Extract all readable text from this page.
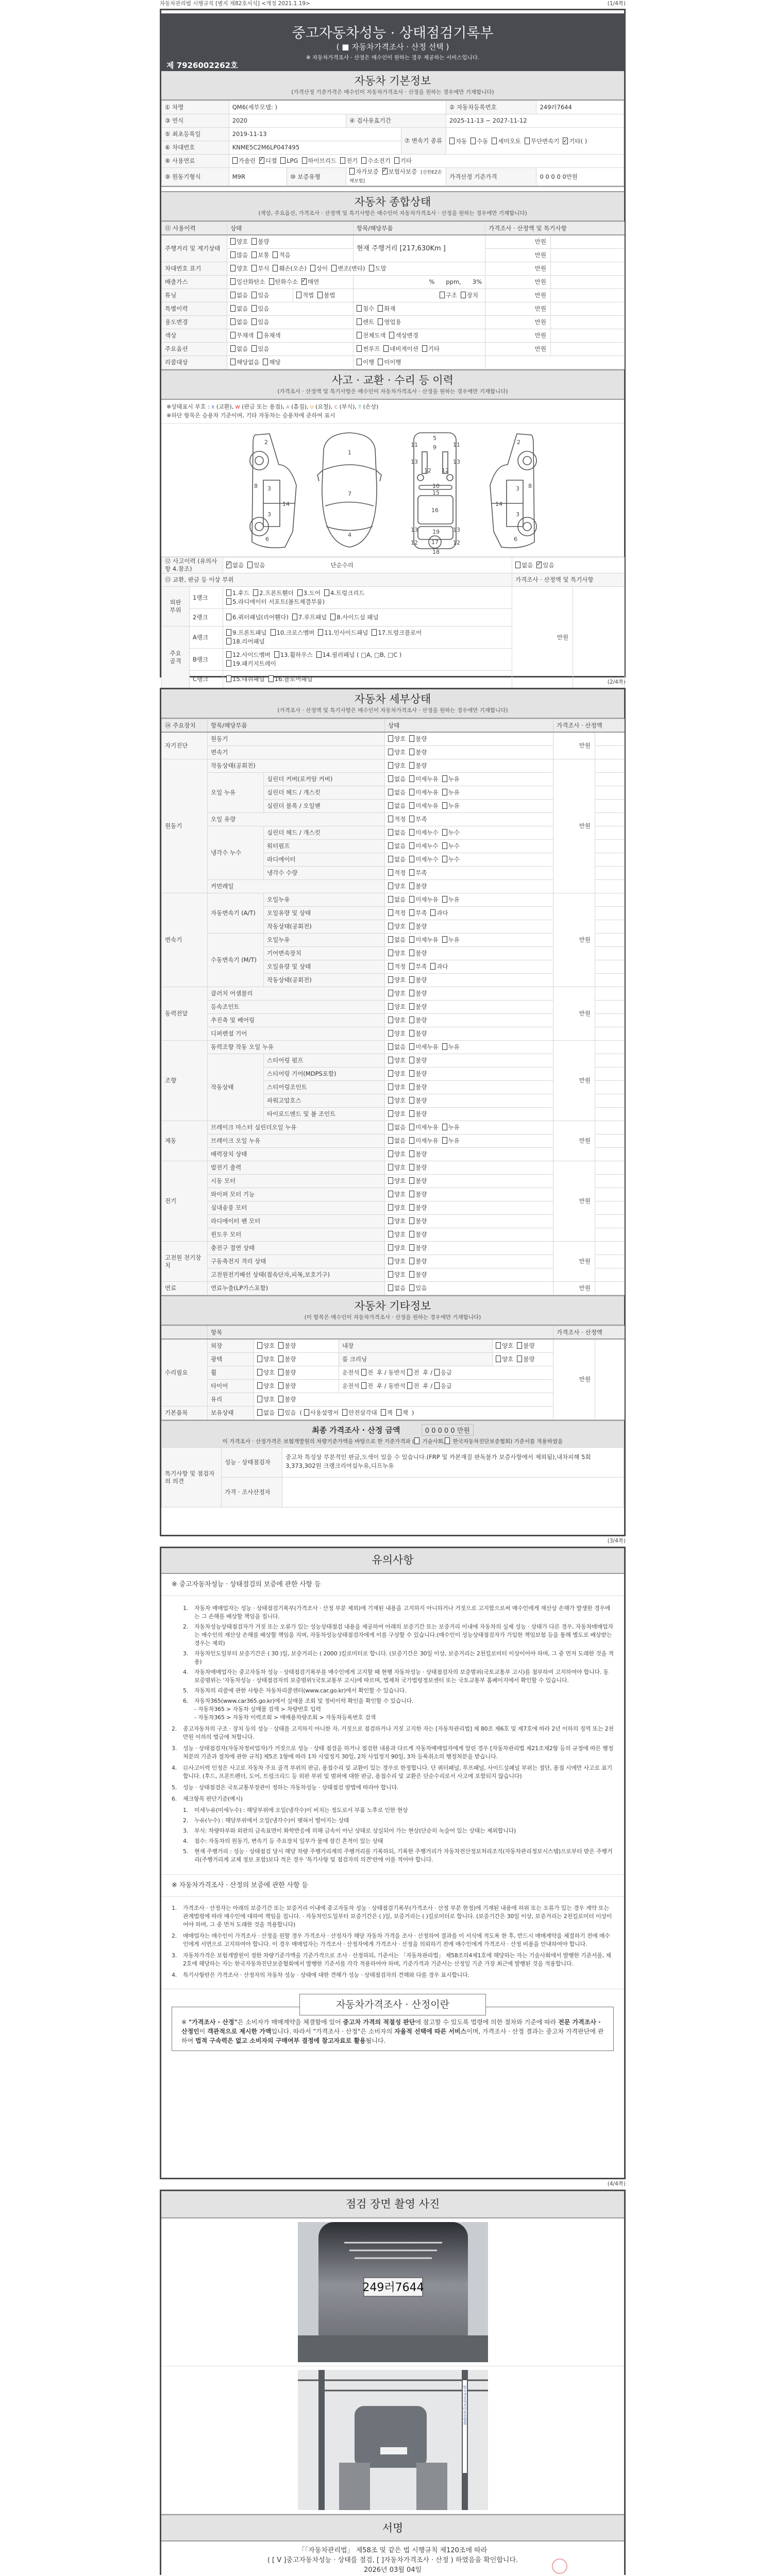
자동차관리법 시행규칙 [별지 제82호서식] <개정 2021.1.19>	(1/4쪽)
중고자동차성능 · 상태점검기록부
( ■ 자동차가격조사 · 산정 선택 )
※ 자동차가격조사 · 산정은 매수인이 원하는 경우 제공하는 서비스입니다.
제 7926002262호
자동차 기본정보
(가격산정 기준가격은 매수인이 자동차가격조사 · 산정을 원하는 경우에만 기재합니다)
① 차명	QM6(세부모델: )				② 자동차등록번호	249러7644
③ 연식	2020		④ 검사유효기간		2025-11-13 ~ 2027-11-12	
⑤ 최초등록일	2019-11-13			⑦ 변속기 종류	자동 수동 세미오토 무단변속기 ✓ 기타( )
⑥ 차대번호	KNME5C2M6LP047495					
⑧ 사용연료	가솔린 ✓ 디젤 LPG 하이브리드 전기 수소전기 기타
⑨ 원동기형식	M9R	⑩ 보증유형	자가보증 ✓ 보험사보증 [신한EZ손해보험]		가격산정 기준가격	0 0 0 0 0만원
자동차 종합상태
(색상, 주요옵션, 가격조사 · 산정액 및 특기사항은 매수인이 자동차가격조사 · 산정을 원하는 경우에만 기재합니다)
⑪ 사용이력	상태		항목/해당부품	가격조사 · 산정액 및 특기사항	
주행거리 및 계기상태	양호 불량		현재 주행거리 [217,630Km ]	만원	
	많음 보통 적음			만원	
차대번호 표기	양호 부식 훼손(오손) 상이 변조(변타) 도말			만원	
배출가스	일산화탄소 탄화수소 ✓ 매연		%      ppm,      3%	만원	
튜닝	없음 있음	적법 불법	구조 장치	만원	
특별이력	없음 있음		침수 화재	만원	
용도변경	없음 있음		렌트 영업용	만원	
색상	무채색 유채색		전체도색 색상변경	만원	
주요옵션	없음 있음		썬루프 네비게이션 기타	만원	
리콜대상	해당없음 해당		이행 미이행		
사고 · 교환 · 수리 등 이력
(가격조사 · 산정액 및 특기사항은 매수인이 자동차가격조사 · 산정을 원하는 경우에만 기재합니다)
※상태표시 부호 : X (교환), W (판금 또는 용접), A (흠집), U (요철), C (부식), T (손상)
※하단 항목은 승용차 기준이며, 기타 자동차는 승용차에 준하여 표시
2
3
3
8
14
6
1
7
4
5
9
11	11
13	13
12 12
10
15
16
17
19
18
13	13
12	12
2
3
3
8
14
6
⑫ 사고이력 (유의사항 4.참조)	✓없음 있음 단순수리	없음 ✓ 있음
⑬ 교환, 판금 등 이상 부위			가격조사 · 산정액 및 특기사항	
외판 부위	1랭크	1.후드 2.프론트휀더 3.도어 4.트렁크리드
5.라디에이터 서포트(볼트체결부품)	만원	
	2랭크	6.쿼터패널(리어휀다) 7.루프패널 8.사이드실 패널		

주요 골격	A랭크	9.프론트패널 10.크로스멤버 11.인사이드패널 17.트렁크플로어
18.리어패널		

	B랭크	12.사이드멤버 13.휠하우스 14.필러패널 ( □A, □B, □C )
19.패키지트레이		

	C랭크	15.대쉬패널 16.플로어패널			(2/4쪽)
자동차 세부상태
(가격조사 · 산정액 및 특기사항은 매수인이 자동차가격조사 · 산정을 원하는 경우에만 기재합니다)
⑭ 주요장치	항목/해당부품		상태	가격조사 · 산정액	
자기진단	원동기		양호 불량	만원	
	변속기		양호 불량		
원동기	작동상태(공회전)		양호 불량	만원	
	오일 누유	실린더 커버(로커암 커버)	없음 미세누유 누유		
		실린더 헤드 / 개스킷	없음 미세누유 누유		
		실린더 블록 / 오일팬	없음 미세누유 누유		
	오일 유량		적정 부족		
	냉각수 누수	실린더 헤드 / 개스킷	없음 미세누수 누수		
		워터펌프	없음 미세누수 누수		
		라디에이터	없음 미세누수 누수		
		냉각수 수량	적정 부족		
	커먼레일		양호 불량		
변속기	자동변속기 (A/T)	오일누유	없음 미세누유 누유	만원	
		오일유량 및 상태	적정 부족 과다		
		작동상태(공회전)	양호 불량		
	수동변속기 (M/T)	오일누유	없음 미세누유 누유		
		기어변속장치	양호 불량		
		오일유량 및 상태	적정 부족 과다		
		작동상태(공회전)	양호 불량		
동력전달	클러치 어셈블리		양호 불량	만원	
	등속조인트		양호 불량		
	추진축 및 베어링		양호 불량		
	디퍼렌셜 기어		양호 불량		
조향	동력조향 작동 오일 누유		없음 미세누유 누유	만원	
	작동상태	스티어링 펌프	양호 불량		
		스티어링 기어(MDPS포함)	양호 불량		
		스티어링조인트	양호 불량		
		파워고압호스	양호 불량		
		타이로드엔드 및 볼 조인트	양호 불량		
제동	브레이크 마스터 실린더오일 누유		없음 미세누유 누유	만원	
	브레이크 오일 누유		없음 미세누유 누유		
	배력장치 상태		양호 불량		
전기	발전기 출력		양호 불량	만원	
	시동 모터		양호 불량		
	와이퍼 모터 기능		양호 불량		
	실내송풍 모터		양호 불량		
	라디에이터 팬 모터		양호 불량		
	윈도우 모터		양호 불량		
고전원 전기장치	충전구 절연 상태		양호 불량	만원	
	구동축전지 격리 상태		양호 불량		
	고전원전기배선 상태(접속단자,피복,보호기구)		양호 불량		
연료	연료누출(LP가스포함)		없음 있음	만원	
자동차 기타정보
(이 항목은 매수인이 자동차가격조사 · 산정을 원하는 경우에만 기재합니다)
	항목				가격조사 · 산정액	
수리필요	외장	양호 불량	내장	양호 불량	만원	
	광택	양호 불량	룸 크리닝	양호 불량		
	휠	양호 불량	운전석 전 후 / 동반석 전 후 / 응급			
	타이어	양호 불량	운전석 전 후 / 동반석 전 후 / 응급			
	유리	양호 불량				
기본품목	보유상태	없음 있음 ( 사용설명서 안전삼각대 잭 잭 )				
최종 가격조사 · 산정 금액	0 0 0 0 0 만원
이 가격조사 · 산정가격은 보험개발원의 차량기준가액을 바탕으로 한 기준가격과 ( 기술사회, 한국자동차진단보증협회) 기준서를 적용하였음
특기사항 및 점검자의 의견	성능 · 상태점검자	중고차 특성상 부분적인 판금,도색이 있을 수 있습니다.(FRP 및 카본재질 판독불가 보증사항에서 제외됨),내차피해 5회 3,373,302원 크랭크리어실누유,디프누유
	가격 · 조사산정자	
(3/4쪽)
유의사항
※ 중고자동차성능 · 상태점검의 보증에 관한 사항 등
1.	자동차 매매업자는 성능 · 상태점검기록부(가격조사 · 산정 부분 제외)에 기재된 내용을 고지하지 아니하거나 거짓으로 고지함으로써 매수인에게 재산상 손해가 발생한 경우에는 그 손해를 배상할 책임을 집니다.
2.	자동차성능상태점검자가 거짓 또는 오류가 있는 성능상태점검 내용을 제공하여 아래의 보증기간 또는 보증거리 이내에 자동차의 실제 성능 · 상태가 다른 경우, 자동차매매업자는 매수인의 재산상 손해를 배상할 책임을 지며, 자동차성능상태점검자에게 이를 구상할 수 있습니다.(매수인이 성능상태점검자가 가입한 책임보험 등을 통해 별도로 배상받는 경우는 제외)
3.	자동차인도일부터 보증기간은 ( 30 )일, 보증거리는 ( 2000 )킬로미터로 합니다. (보증기간은 30일 이상, 보증거리는 2천킬로미터 이상이어야 하며, 그 중 먼저 도래한 것을 적용)
4.	자동차매매업자는 중고자동차 성능 · 상태점검기록부를 매수인에게 고지할 때 현행 자동차성능 · 상태점검자의 보증범위(국토교통부 고시)를 첨부하여 고지하여야 합니다. 동 보증범위는 '자동차성능 · 상태점검자의 보증범위'(국토교통부 고시)에 따르며, 법제처 국가법령정보센터 또는 국토교통부 홈페이지에서 확인할 수 있습니다.
5.	자동차의 리콜에 관한 사항은 자동차리콜센터(www.car.go.kr)에서 확인할 수 있습니다.
6.	자동차365(www.car365.go.kr)에서 실매물 조회 및 정비이력 확인을 확인할 수 있습니다.
- 자동차365 > 자동차 실매물 검색 > 차량번호 입력
- 자동차365 > 자동차 이력조회 > 매매용차량조회 > 자동차등록번호 검색
2.	중고자동차의 구조 · 장치 등의 성능 · 상태를 고지하지 아니한 자, 거짓으로 점검하거나 거짓 고지한 자는 [자동차관리법] 제 80조 제6호 및 제7호에 따라 2년 이하의 징역 또는 2천만원 이하의 벌금에 처합니다.
3.	성능 · 상태점검자(자동차정비업자)가 거짓으로 성능 · 상태 점검을 하거나 점검한 내용과 다르게 자동차매매업자에게 알린 경우 [자동차관리법 제21조제2항 등의 규정에 따른 행정처분의 기준과 절차에 관한 규칙] 제5조 1항에 따라 1차 사업정지 30일, 2차 사업정지 90일, 3차 등록취소의 행정처분을 받습니다.
4.	⑫사고이력 인정은 사고로 자동차 주요 골격 부위의 판금, 용접수리 및 교환이 있는 경우로 한정합니다. 단 쿼터패널, 루프패널, 사이드실패널 부위는 절단, 용접 시에만 사고로 표기합니다. (후드, 프론트펜더, 도어, 트렁크리드 등 외판 부위 및 범퍼에 대한 판금, 용접수리 및 교환은 단순수리로서 사고에 포함되지 않습니다)
5.	성능 · 상태점검은 국토교통부장관이 정하는 자동차성능 · 상태점검 방법에 따라야 합니다.
6.	체크항목 판단기준(예시)
1.	미세누유(미세누수) : 해당부위에 오일(냉각수)이 비치는 정도로서 부품 노후로 인한 현상
2.	누유(누수) : 해당부위에서 오일(냉각수)이 맺혀서 떨어지는 상태
3.	부식: 차량하부와 외판의 금속표면이 화학반응에 의해 금속이 아닌 상태로 상실되어 가는 현상(단순히 녹슬어 있는 상태는 제외합니다)
4.	침수: 자동차의 원동기, 변속기 등 주요장치 일부가 물에 잠긴 흔적이 있는 상태
5.	현재 주행거리 : 성능 · 상태점검 당시 해당 차량 주행거리계의 주행거리를 기록하되, 기록한 주행거리가 자동차전산정보처리조직(자동차관리정보시스템)으로부터 받은 주행거리(주행거리계 교체 정보 포함)보다 적은 경우 '특기사항 및 점검자의 의견'란에 이를 적어야 합니다.
※ 자동차가격조사 · 산정의 보증에 관한 사항 등
1.	가격조사 · 산정자는 아래의 보증기간 또는 보증거리 이내에 중고자동차 성능 · 상태점검기록부(가격조사 · 산정 부분 한정)에 기재된 내용에 허위 또는 오류가 있는 경우 계약 또는 관계법령에 따라 매수인에 대하여 책임을 집니다. · 자동차인도일부터 보증기간은 ( )일, 보증거리는 ( )킬로미터로 합니다. (보증기간은 30일 이상, 보증거리는 2천킬로미터 이상이어야 하며, 그 중 먼저 도래한 것을 적용합니다)
2.	매매업자는 매수인이 가격조사 · 산정을 원할 경우 가격조사 · 산정자가 해당 자동차 가격을 조사 · 산정하여 결과를 이 서식에 적도록 한 후, 반드시 매매계약을 체결하기 전에 매수인에게 서면으로 고지하여야 합니다. 이 경우 매매업자는 가격조사 · 산정자에게 가격조사 · 산정을 의뢰하기 전에 매수인에게 가격조사 · 산정 비용을 안내하여야 합니다.
3.	자동차가격은 보험개발원이 정한 차량기준가액을 기준가격으로 조사 · 산정하되, 기준서는 「자동차관리법」 제58조의4제1호에 해당하는 자는 기술사회에서 발행한 기준서를, 제2호에 해당하는 자는 한국자동차진단보증협회에서 발행한 기준서를 각각 적용하여야 하며, 기준가격과 기준서는 산정일 기준 가장 최근에 발행된 것을 적용합니다.
4.	특기사항란은 가격조사 · 산정자의 자동차 성능 · 상태에 대한 견해가 성능 · 상태점검자의 견해와 다를 경우 표시합니다.
자동차가격조사 · 산정이란
※ "가격조사 · 산정"은 소비자가 매매계약을 체결함에 있어 중고차 가격의 적절성 판단에 참고할 수 있도록 법령에 의한 절차와 기준에 따라 전문 가격조사 · 산정인이 객관적으로 제시한 가액입니다. 따라서 "가격조사 · 산정"은 소비자의 자율적 선택에 따른 서비스이며, 가격조사 · 산정 결과는 중고차 가격판단에 관하여 법적 구속력은 없고 소비자의 구매여부 결정에 참고자료로 활용됩니다.
(4/4쪽)
점검 장면 촬영 사진
249러7644
한국자동차진단보증협회
서명
「「자동차관리법」 제58조 및 같은 법 시행규칙 제120조에 따라
( [ V ]중고자동차성능 · 상태를 점검, [ ]자동차가격조사 · 산정 ) 하였음을 확인합니다.
2026년 03월 04일
